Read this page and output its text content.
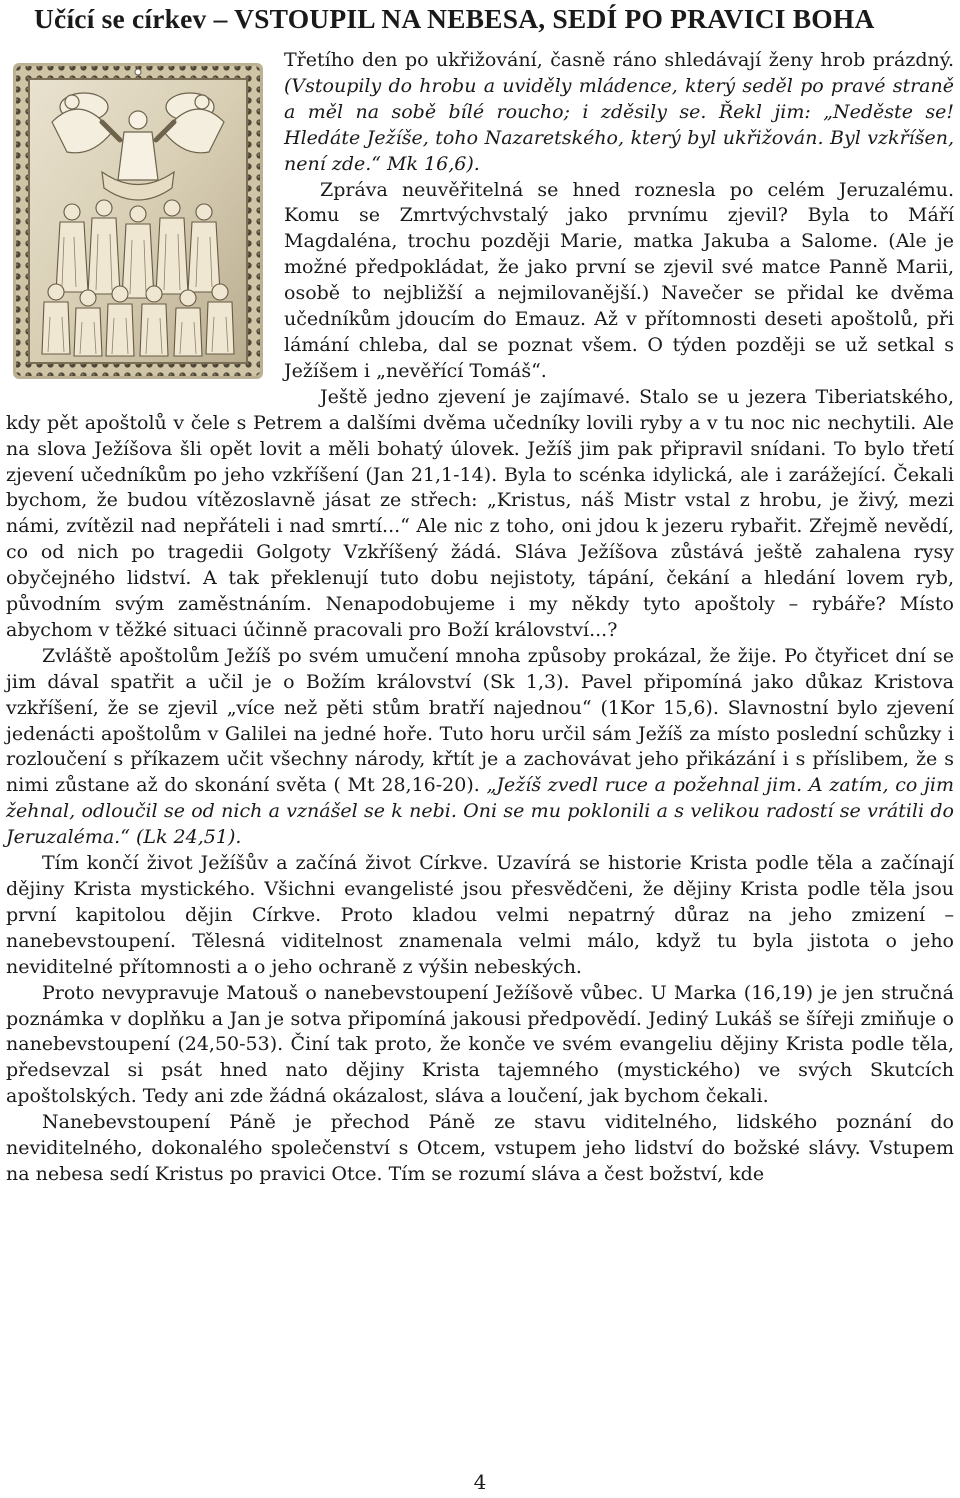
Učící se církev – VSTOUPIL NA NEBESA, SEDÍ PO PRAVICI BOHA

Třetího den po ukřižování, časně ráno shledávají ženy hrob prázdný. (Vstoupily do hrobu a uviděly mládence, který seděl po pravé straně a měl na sobě bílé roucho; i zděsily se. Řekl jim: „Neděste se! Hledáte Ježíše, toho Nazaretského, který byl ukřižován. Byl vzkříšen, není zde.“ Mk 16,6).

Zpráva neuvěřitelná se hned roznesla po celém Jeruzalému. Komu se Zmrtvýchvstalý jako prvnímu zjevil? Byla to Máří Magdaléna, trochu později Marie, matka Jakuba a Salome. (Ale je možné předpokládat, že jako první se zjevil své matce Panně Marii, osobě to nejbližší a nejmilovanější.) Navečer se přidal ke dvěma učedníkům jdoucím do Emauz. Až v přítomnosti deseti apoštolů, při lámání chleba, dal se poznat všem. O týden později se už setkal s Ježíšem i „nevěřící Tomáš“.

Ještě jedno zjevení je zajímavé. Stalo se u jezera Tiberiatského, kdy pět apoštolů v čele s Petrem a dalšími dvěma učedníky lovili ryby a v tu noc nic nechytili. Ale na slova Ježíšova šli opět lovit a měli bohatý úlovek. Ježíš jim pak připravil snídani. To bylo třetí zjevení učedníkům po jeho vzkříšení (Jan 21,1-14). Byla to scénka idylická, ale i zarážející. Čekali bychom, že budou vítězoslavně jásat ze střech: „Kristus, náš Mistr vstal z hrobu, je živý, mezi námi, zvítězil nad nepřáteli i nad smrtí...“ Ale nic z toho, oni jdou k jezeru rybařit. Zřejmě nevědí, co od nich po tragedii Golgoty Vzkříšený žádá. Sláva Ježíšova zůstává ještě zahalena rysy obyčejného lidství. A tak překlenují tuto dobu nejistoty, tápání, čekání a hledání lovem ryb, původním svým zaměstnáním. Nenapodobujeme i my někdy tyto apoštoly – rybáře? Místo abychom v těžké situaci účinně pracovali pro Boží království...?

Zvláště apoštolům Ježíš po svém umučení mnoha způsoby prokázal, že žije. Po čtyřicet dní se jim dával spatřit a učil je o Božím království (Sk 1,3). Pavel připomíná jako důkaz Kristova vzkříšení, že se zjevil „více než pěti stům bratří najednou“ (1Kor 15,6). Slavnostní bylo zjevení jedenácti apoštolům v Galilei na jedné hoře. Tuto horu určil sám Ježíš za místo poslední schůzky i rozloučení s příkazem učit všechny národy, křtít je a zachovávat jeho přikázání i s příslibem, že s nimi zůstane až do skonání světa ( Mt 28,16-20). „Ježíš zvedl ruce a požehnal jim. A zatím, co jim žehnal, odloučil se od nich a vznášel se k nebi. Oni se mu poklonili a s velikou radostí se vrátili do Jeruzaléma.“ (Lk 24,51).

Tím končí život Ježíšův a začíná život Církve. Uzavírá se historie Krista podle těla a začínají dějiny Krista mystického. Všichni evangelisté jsou přesvědčeni, že dějiny Krista podle těla jsou první kapitolou dějin Církve. Proto kladou velmi nepatrný důraz na jeho zmizení – nanebevstoupení. Tělesná viditelnost znamenala velmi málo, když tu byla jistota o jeho neviditelné přítomnosti a o jeho ochraně z výšin nebeských.

Proto nevypravuje Matouš o nanebevstoupení Ježíšově vůbec. U Marka (16,19) je jen stručná poznámka v doplňku a Jan je sotva připomíná jakousi předpovědí. Jediný Lukáš se šířeji zmiňuje o nanebevstoupení (24,50-53). Činí tak proto, že konče ve svém evangeliu dějiny Krista podle těla, předsevzal si psát hned nato dějiny Krista tajemného (mystického) ve svých Skutcích apoštolských. Tedy ani zde žádná okázalost, sláva a loučení, jak bychom čekali.

Nanebevstoupení Páně je přechod Páně ze stavu viditelného, lidského poznání do neviditelného, dokonalého společenství s Otcem, vstupem jeho lidství do božské slávy. Vstupem na nebesa sedí Kristus po pravici Otce. Tím se rozumí sláva a čest božství, kde

4
